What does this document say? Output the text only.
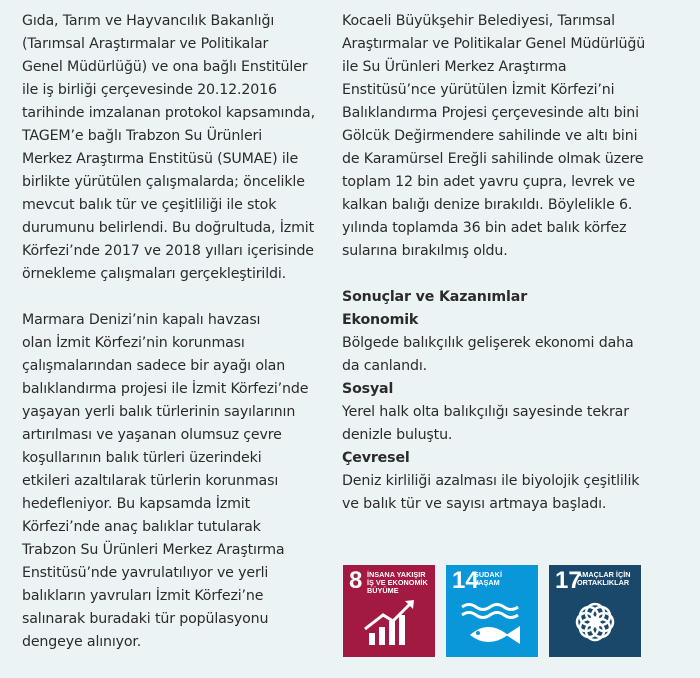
Gıda, Tarım ve Hayvancılık Bakanlığı
(Tarımsal Araştırmalar ve Politikalar
Genel Müdürlüğü) ve ona bağlı Enstitüler
ile iş birliği çerçevesinde 20.12.2016
tarihinde imzalanan protokol kapsamında,
TAGEM’e bağlı Trabzon Su Ürünleri
Merkez Araştırma Enstitüsü (SUMAE) ile
birlikte yürütülen çalışmalarda; öncelikle
mevcut balık tür ve çeşitliliği ile stok
durumunu belirlendi. Bu doğrultuda, İzmit
Körfezi’nde 2017 ve 2018 yılları içerisinde
örnekleme çalışmaları gerçekleştirildi.

Marmara Denizi’nin kapalı havzası
olan İzmit Körfezi’nin korunması
çalışmalarından sadece bir ayağı olan
balıklandırma projesi ile İzmit Körfezi’nde
yaşayan yerli balık türlerinin sayılarının
artırılması ve yaşanan olumsuz çevre
koşullarının balık türleri üzerindeki
etkileri azaltılarak türlerin korunması
hedefleniyor. Bu kapsamda İzmit
Körfezi’nde anaç balıklar tutularak
Trabzon Su Ürünleri Merkez Araştırma
Enstitüsü’nde yavrulatılıyor ve yerli
balıkların yavruları İzmit Körfezi’ne
salınarak buradaki tür popülasyonu
dengeye alınıyor.

Kocaeli Büyükşehir Belediyesi, Tarımsal
Araştırmalar ve Politikalar Genel Müdürlüğü
ile Su Ürünleri Merkez Araştırma
Enstitüsü’nce yürütülen İzmit Körfezi’ni
Balıklandırma Projesi çerçevesinde altı bini
Gölcük Değirmendere sahilinde ve altı bini
de Karamürsel Ereğli sahilinde olmak üzere
toplam 12 bin adet yavru çupra, levrek ve
kalkan balığı denize bırakıldı. Böylelikle 6.
yılında toplamda 36 bin adet balık körfez
sularına bırakılmış oldu.

Sonuçlar ve Kazanımlar
Ekonomik
Bölgede balıkçılık gelişerek ekonomi daha
da canlandı.
Sosyal
Yerel halk olta balıkçılığı sayesinde tekrar
denizle buluştu.
Çevresel
Deniz kirliliği azalması ile biyolojik çeşitlilik
ve balık tür ve sayısı artmaya başladı.
8 İNSANA YAKIŞIR
İŞ VE EKONOMİK
BÜYÜME	14
SUDAKİ
YAŞAM	17
AMAÇLAR İÇİN
ORTAKLIKLAR
